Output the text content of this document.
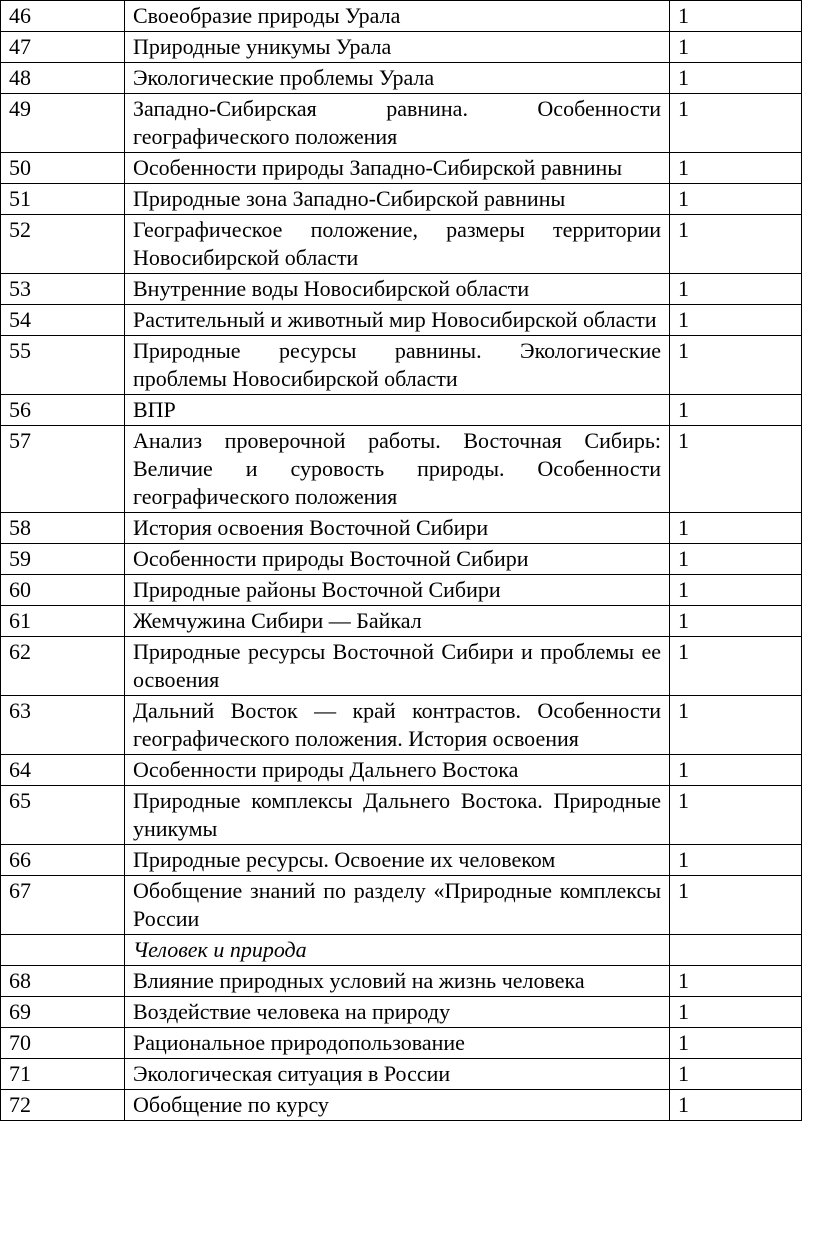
46	Своеобразие природы Урала	1
47	Природные уникумы Урала	1
48	Экологические проблемы Урала	1
49	Западно-Сибирская равнина. Особенности географического положения	1
50	Особенности природы Западно-Сибирской равнины	1
51	Природные зона Западно-Сибирской равнины	1
52	Географическое положение, размеры территории Новосибирской области	1
53	Внутренние воды Новосибирской области	1
54	Растительный и животный мир Новосибирской области	1
55	Природные ресурсы равнины. Экологические проблемы Новосибирской области	1
56	ВПР	1
57	Анализ проверочной работы. Восточная Сибирь: Величие и суровость природы. Особенности географического положения	1
58	История освоения Восточной Сибири	1
59	Особенности природы Восточной Сибири	1
60	Природные районы Восточной Сибири	1
61	Жемчужина Сибири — Байкал	1
62	Природные ресурсы Восточной Сибири и проблемы ее освоения	1
63	Дальний Восток — край контрастов. Особенности географического положения. История освоения	1
64	Особенности природы Дальнего Востока	1
65	Природные комплексы Дальнего Востока. Природные уникумы	1
66	Природные ресурсы. Освоение их человеком	1
67	Обобщение знаний по разделу «Природные комплексы России	1
	Человек и природа	
68	Влияние природных условий на жизнь человека	1
69	Воздействие человека на природу	1
70	Рациональное природопользование	1
71	Экологическая ситуация в России	1
72	Обобщение по курсу	1
